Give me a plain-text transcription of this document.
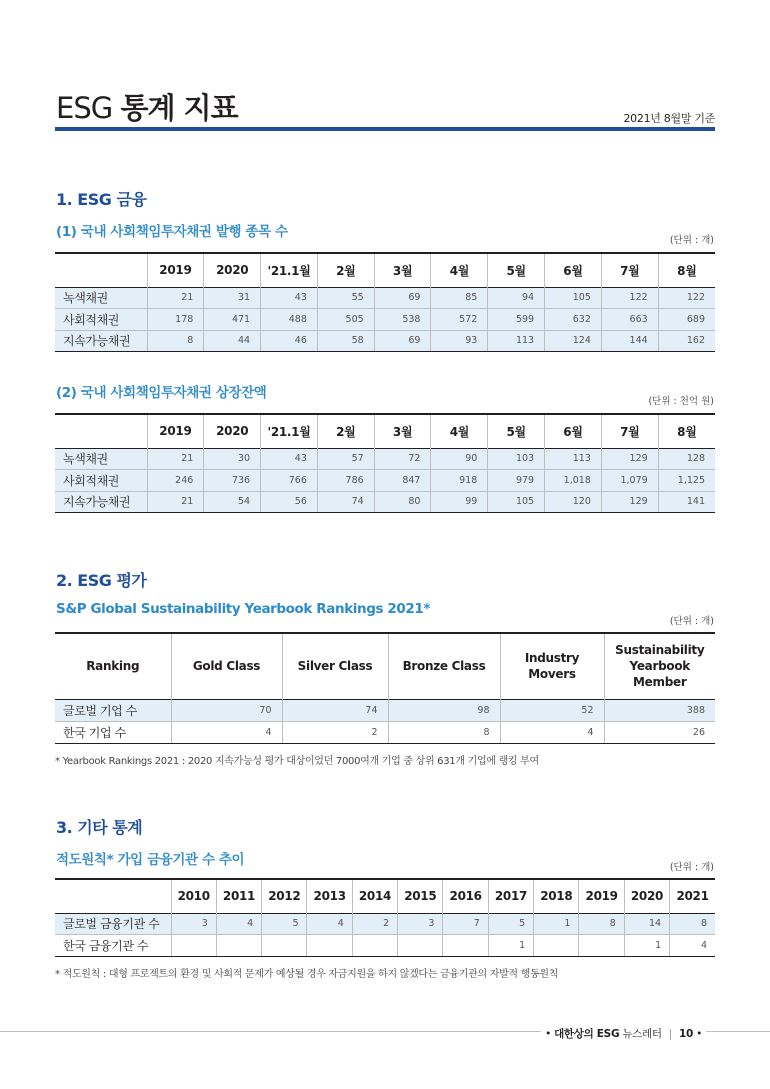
ESG 통계 지표	2021년 8월말 기준
1. ESG 금융
(1) 국내 사회책임투자채권 발행 종목 수
(단위 : 개)
	2019	2020	'21.1월	2월	3월	4월	5월	6월	7월	8월
녹색채권	21	31	43	55	69	85	94	105	122	122
사회적채권	178	471	488	505	538	572	599	632	663	689
지속가능채권	8	44	46	58	69	93	113	124	144	162
(2) 국내 사회책임투자채권 상장잔액
(단위 : 천억 원)
	2019	2020	'21.1월	2월	3월	4월	5월	6월	7월	8월
녹색채권	21	30	43	57	72	90	103	113	129	128
사회적채권	246	736	766	786	847	918	979	1,018	1,079	1,125
지속가능채권	21	54	56	74	80	99	105	120	129	141
2. ESG 평가
S&P Global Sustainability Yearbook Rankings 2021*
(단위 : 개)
Ranking	Gold Class	Silver Class	Bronze Class	Industry Movers	Sustainability Yearbook Member
글로벌 기업 수	70	74	98	52	388
한국 기업 수	4	2	8	4	26
* Yearbook Rankings 2021 : 2020 지속가능성 평가 대상이었던 7000여개 기업 중 상위 631개 기업에 랭킹 부여
3. 기타 통계
적도원칙* 가입 금융기관 수 추이	(단위 : 개)
	2010	2011	2012	2013	2014	2015	2016	2017	2018	2019	2020	2021
글로벌 금융기관 수	3	4	5	4	2	3	7	5	1	8	14	8
한국 금융기관 수								1			1	4
* 적도원칙 : 대형 프로젝트의 환경 및 사회적 문제가 예상될 경우 자금지원을 하지 않겠다는 금융기관의 자발적 행동원칙
• 대한상의 ESG 뉴스레터 | 10 •
